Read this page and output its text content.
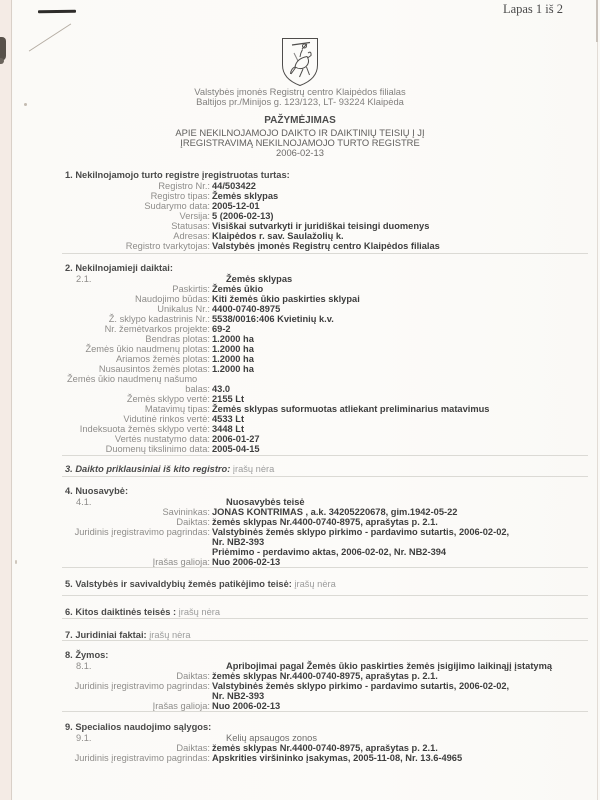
Lapas 1 iš 2
Valstybės įmonės Registrų centro Klaipėdos filialas
Baltijos pr./Minijos g. 123/123, LT- 93224 Klaipėda
PAŽYMĖJIMAS
APIE NEKILNOJAMOJO DAIKTO IR DAIKTINIŲ TEISIŲ Į JĮ
ĮREGISTRAVIMĄ NEKILNOJAMOJO TURTO REGISTRE
2006-02-13
1. Nekilnojamojo turto registre įregistruotas turtas:
Registro Nr.: 44/503422
Registro tipas: Žemės sklypas
Sudarymo data: 2005-12-01
Versija: 5 (2006-02-13)
Statusas: Visiškai sutvarkyti ir juridiškai teisingi duomenys
Adresas: Klaipėdos r. sav. Saulažolių k.
Registro tvarkytojas: Valstybės įmonės Registrų centro Klaipėdos filialas
2. Nekilnojamieji daiktai:
2.1.	Žemės sklypas
Paskirtis: Žemės ūkio
Naudojimo būdas: Kiti žemės ūkio paskirties sklypai
Unikalus Nr.: 4400-0740-8975
Ž. sklypo kadastrinis Nr.: 5538/0016:406 Kvietinių k.v.
Nr. žemėtvarkos projekte: 69-2
Bendras plotas: 1.2000 ha
Žemės ūkio naudmenų plotas: 1.2000 ha
Ariamos žemės plotas: 1.2000 ha
Nusausintos žemės plotas: 1.2000 ha
Žemės ūkio naudmenų našumo
balas: 43.0
Žemės sklypo vertė: 2155 Lt
Matavimų tipas: Žemės sklypas suformuotas atliekant preliminarius matavimus
Vidutinė rinkos vertė: 4533 Lt
Indeksuota žemės sklypo vertė: 3448 Lt
Vertės nustatymo data: 2006-01-27
Duomenų tikslinimo data: 2005-04-15
3. Daikto priklausiniai iš kito registro: įrašų nėra
4. Nuosavybė:
4.1.	Nuosavybės teisė
Savininkas: JONAS KONTRIMAS , a.k. 34205220678, gim.1942-05-22
Daiktas: žemės sklypas Nr.4400-0740-8975, aprašytas p. 2.1.
Juridinis įregistravimo pagrindas: Valstybinės žemės sklypo pirkimo - pardavimo sutartis, 2006-02-02,
Nr. NB2-393
Priėmimo - perdavimo aktas, 2006-02-02, Nr. NB2-394
Įrašas galioja: Nuo 2006-02-13
5. Valstybės ir savivaldybių žemės patikėjimo teisė: įrašų nėra
6. Kitos daiktinės teisės : įrašų nėra
7. Juridiniai faktai: įrašų nėra
8. Žymos:
8.1.	Apribojimai pagal Žemės ūkio paskirties žemės įsigijimo laikinąjį įstatymą
Daiktas: žemės sklypas Nr.4400-0740-8975, aprašytas p. 2.1.
Juridinis įregistravimo pagrindas: Valstybinės žemės sklypo pirkimo - pardavimo sutartis, 2006-02-02,
Nr. NB2-393
Įrašas galioja: Nuo 2006-02-13
9. Specialios naudojimo sąlygos:
9.1.	Kelių apsaugos zonos
Daiktas: žemės sklypas Nr.4400-0740-8975, aprašytas p. 2.1.
Juridinis įregistravimo pagrindas: Apskrities viršininko įsakymas, 2005-11-08, Nr. 13.6-4965
